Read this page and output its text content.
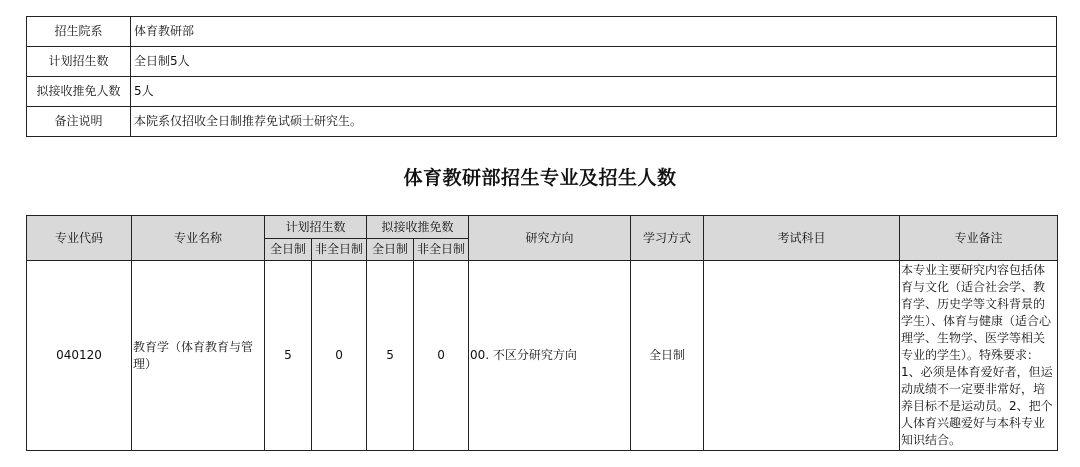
招生院系	体育教研部
计划招生数	全日制5人
拟接收推免人数	5人
备注说明	本院系仅招收全日制推荐免试硕士研究生。
体育教研部招生专业及招生人数
专业代码	专业名称	计划招生数		拟接收推免数		研究方向	学习方式	考试科目	专业备注
		全日制	非全日制	全日制	非全日制				
040120	教育学（体育教育与管理）	5	0	5	0	00. 不区分研究方向	全日制		本专业主要研究内容包括体育与文化（适合社会学、教育学、历史学等文科背景的学生）、体育与健康（适合心理学、生物学、医学等相关专业的学生）。特殊要求：1、必须是体育爱好者，但运动成绩不一定要非常好，培养目标不是运动员。2、把个人体育兴趣爱好与本科专业知识结合。
